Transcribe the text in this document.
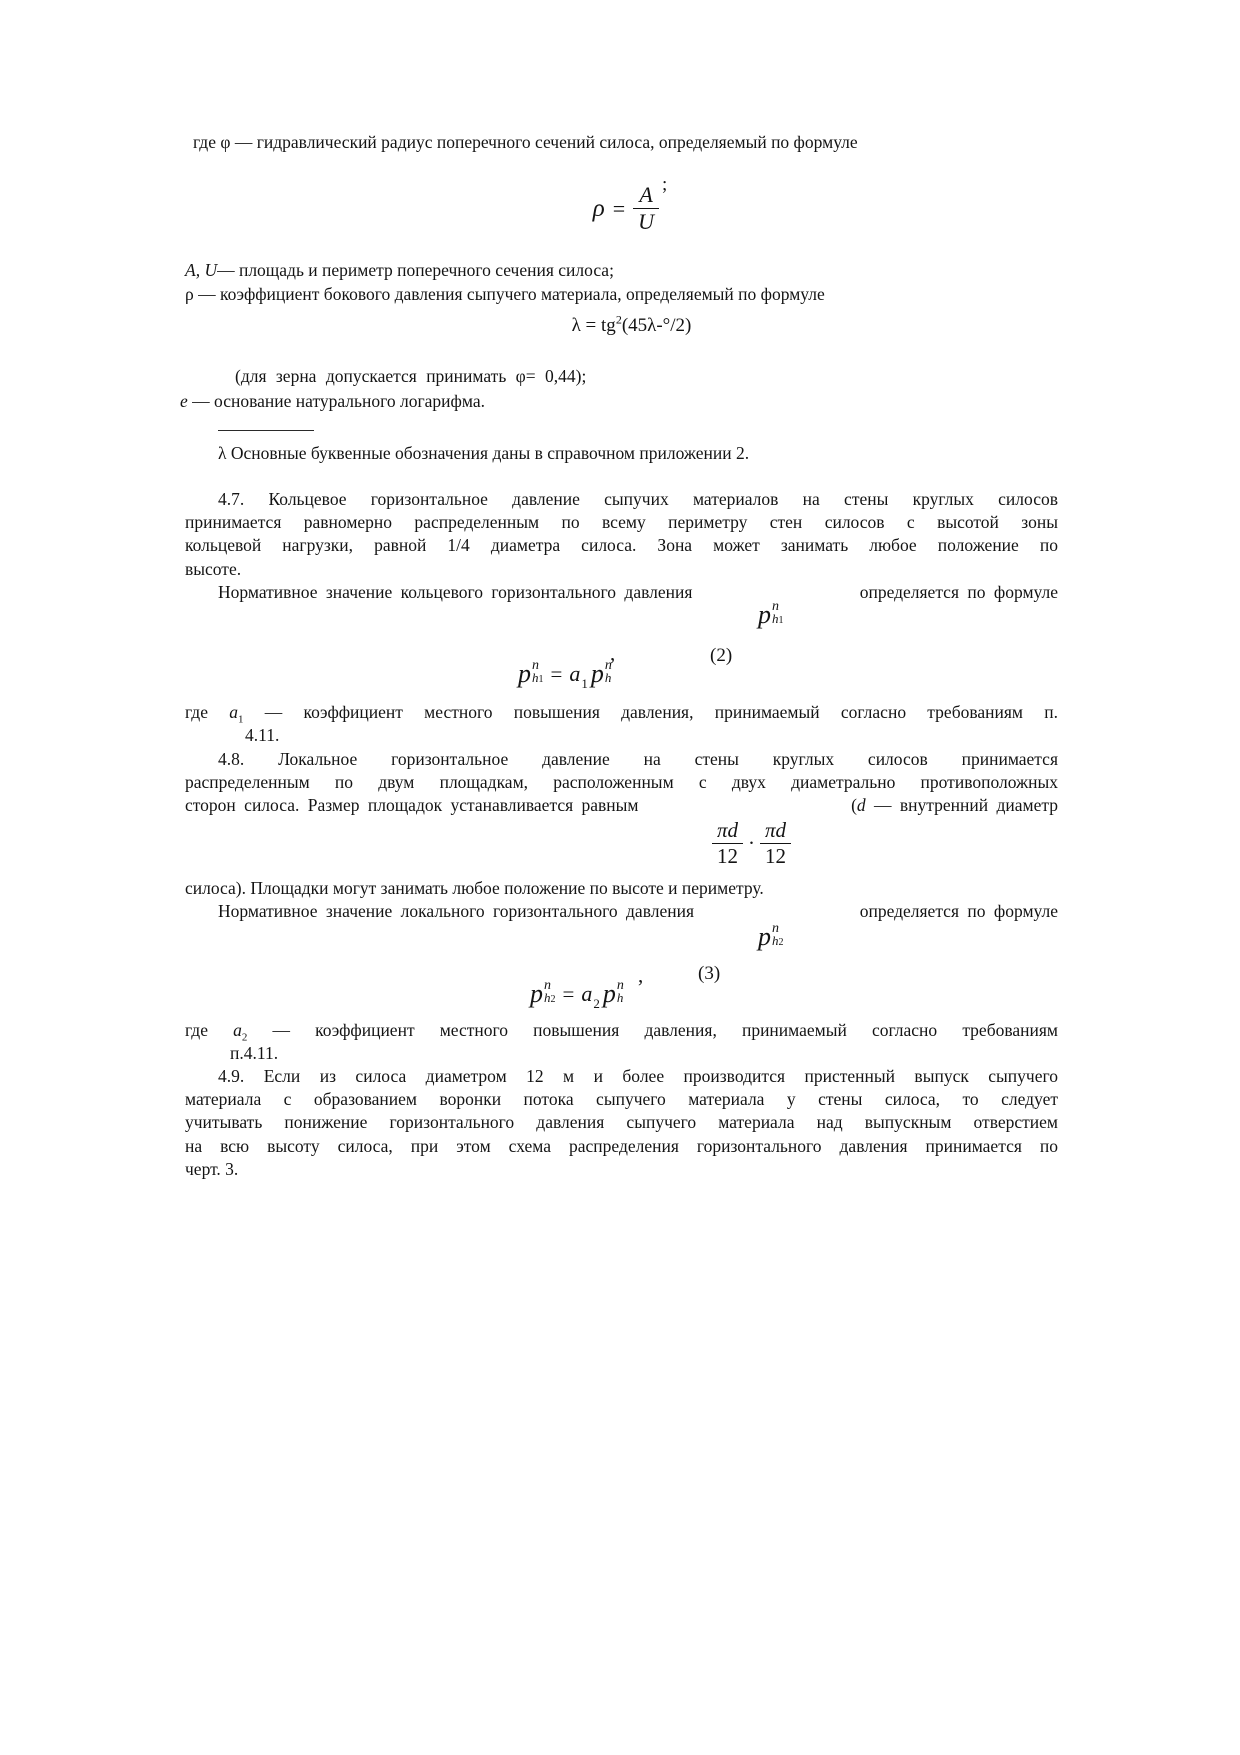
где φ — гидравлический радиус поперечного сечений силоса, определяемый по формуле
$\rho = \frac{A}{U}$ ;
A, U— площадь и периметр поперечного сечения силоса;
ρ — коэффициент бокового давления сыпучего материала, определяемый по формуле
$\lambda = tg^2(45\lambda-^\circ/2)$
(для зерна допускается принимать φ= 0,44);
e — основание натурального логарифма.
λ Основные буквенные обозначения даны в справочном приложении 2.
4.7. Кольцевое горизонтальное давление сыпучих материалов на стены круглых силосов
принимается равномерно распределенным по всему периметру стен силосов с высотой зоны
кольцевой нагрузки, равной 1/4 диаметра силоса. Зона может занимать любое положение по
высоте.
Нормативное значение кольцевого горизонтального давления	определяется по формуле
p n
h1
,	(2)
p n
h1 = a 1 p n
h
где $а_1$ — коэффициент местного повышения давления, принимаемый согласно требованиям п.
4.11.
4.8. Локальное горизонтальное давление на стены круглых силосов принимается
распределенным по двум площадкам, расположенным с двух диаметрально противоположных
сторон силоса. Размер площадок устанавливается равным	(d — внутренний диаметр
$\frac{\pi d}{12} \cdot \frac{\pi d}{12}$
силоса). Площадки могут занимать любое положение по высоте и периметру.
Нормативное значение локального горизонтального давления	определяется по формуле
p n
h2
,	(3)
p n
h2 = a 2 p n
h
где $а_2$ — коэффициент местного повышения давления, принимаемый согласно требованиям
п.4.11.
4.9. Если из силоса диаметром 12 м и более производится пристенный выпуск сыпучего
материала с образованием воронки потока сыпучего материала у стены силоса, то следует
учитывать понижение горизонтального давления сыпучего материала над выпускным отверстием
на всю высоту силоса, при этом схема распределения горизонтального давления принимается по
черт. 3.
